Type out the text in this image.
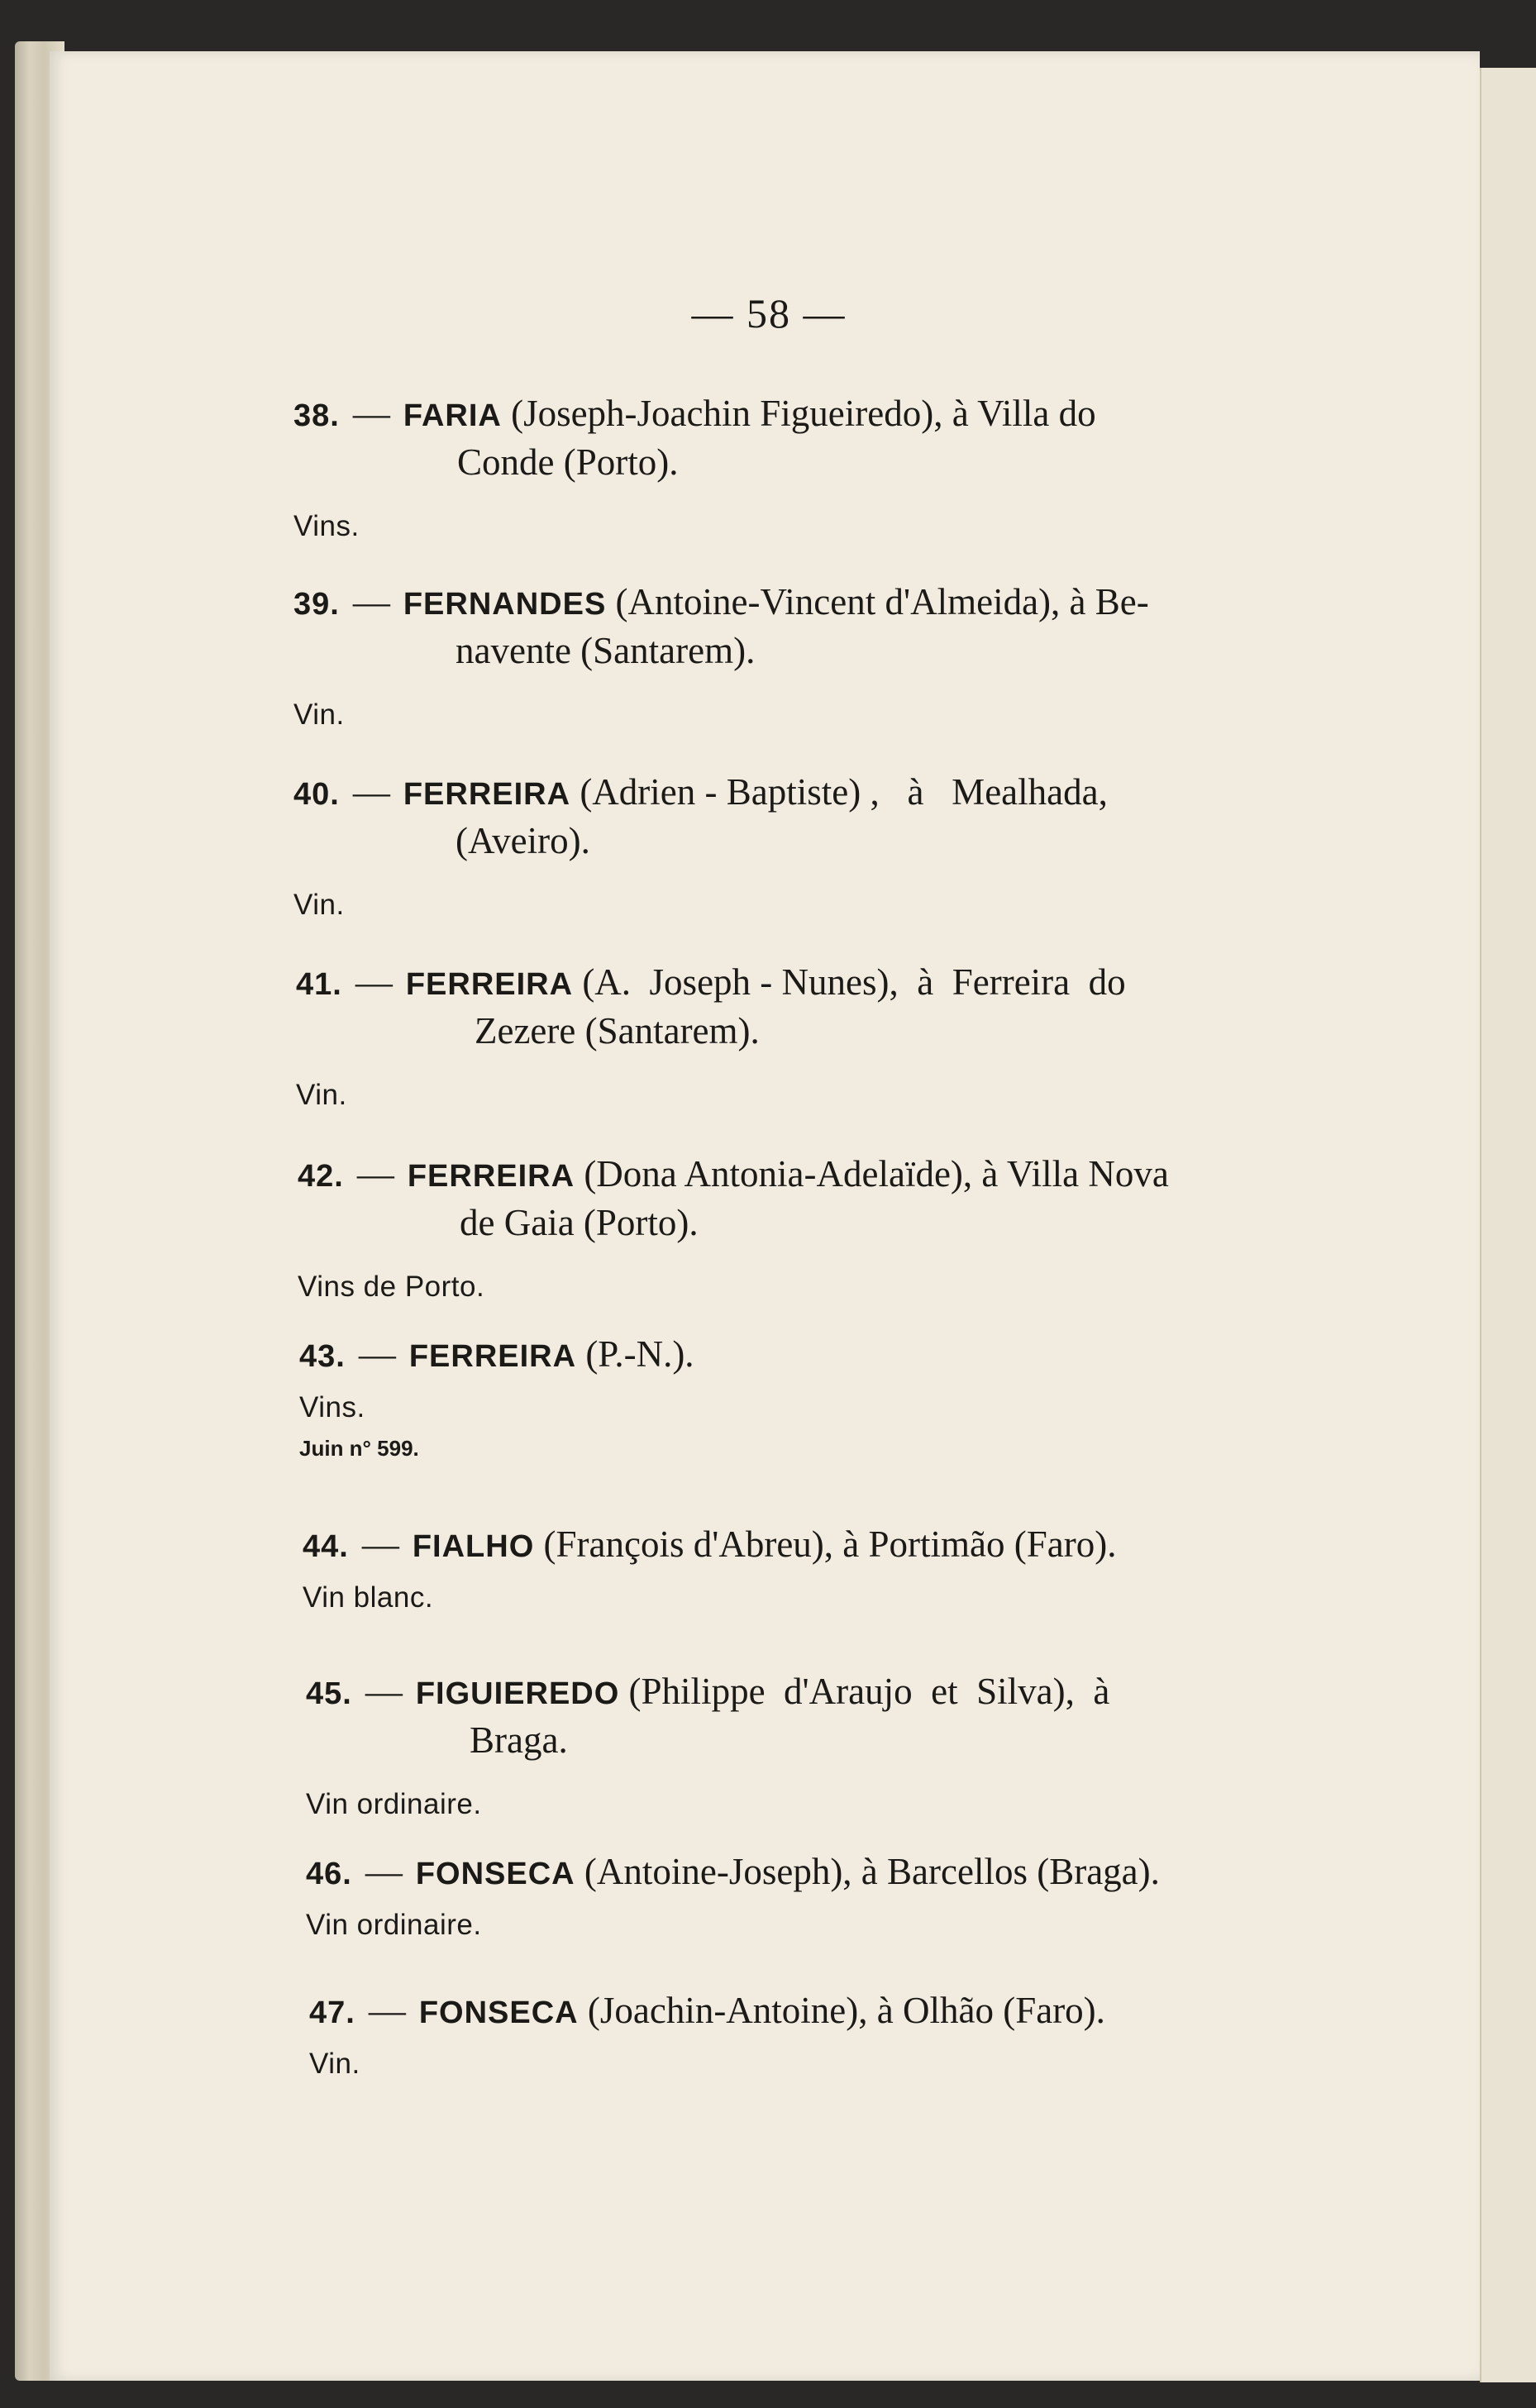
— 58 —
38. — FARIA (Joseph-Joachin Figueiredo), à Villa do
Conde (Porto).
Vins.
39. — FERNANDES (Antoine-Vincent d'Almeida), à Be-
navente (Santarem).
Vin.
40. — FERREIRA (Adrien - Baptiste) ,   à   Mealhada,
(Aveiro).
Vin.
41. — FERREIRA (A.  Joseph - Nunes),  à  Ferreira  do
Zezere (Santarem).
Vin.
42. — FERREIRA (Dona Antonia-Adelaïde), à Villa Nova
de Gaia (Porto).
Vins de Porto.
43. — FERREIRA (P.-N.).
Vins.
Juin n° 599.
44. — FIALHO (François d'Abreu), à Portimão (Faro).
Vin blanc.
45. — FIGUIEREDO (Philippe  d'Araujo  et  Silva),  à
Braga.
Vin ordinaire.
46. — FONSECA (Antoine-Joseph), à Barcellos (Braga).
Vin ordinaire.
47. — FONSECA (Joachin-Antoine), à Olhão (Faro).
Vin.
